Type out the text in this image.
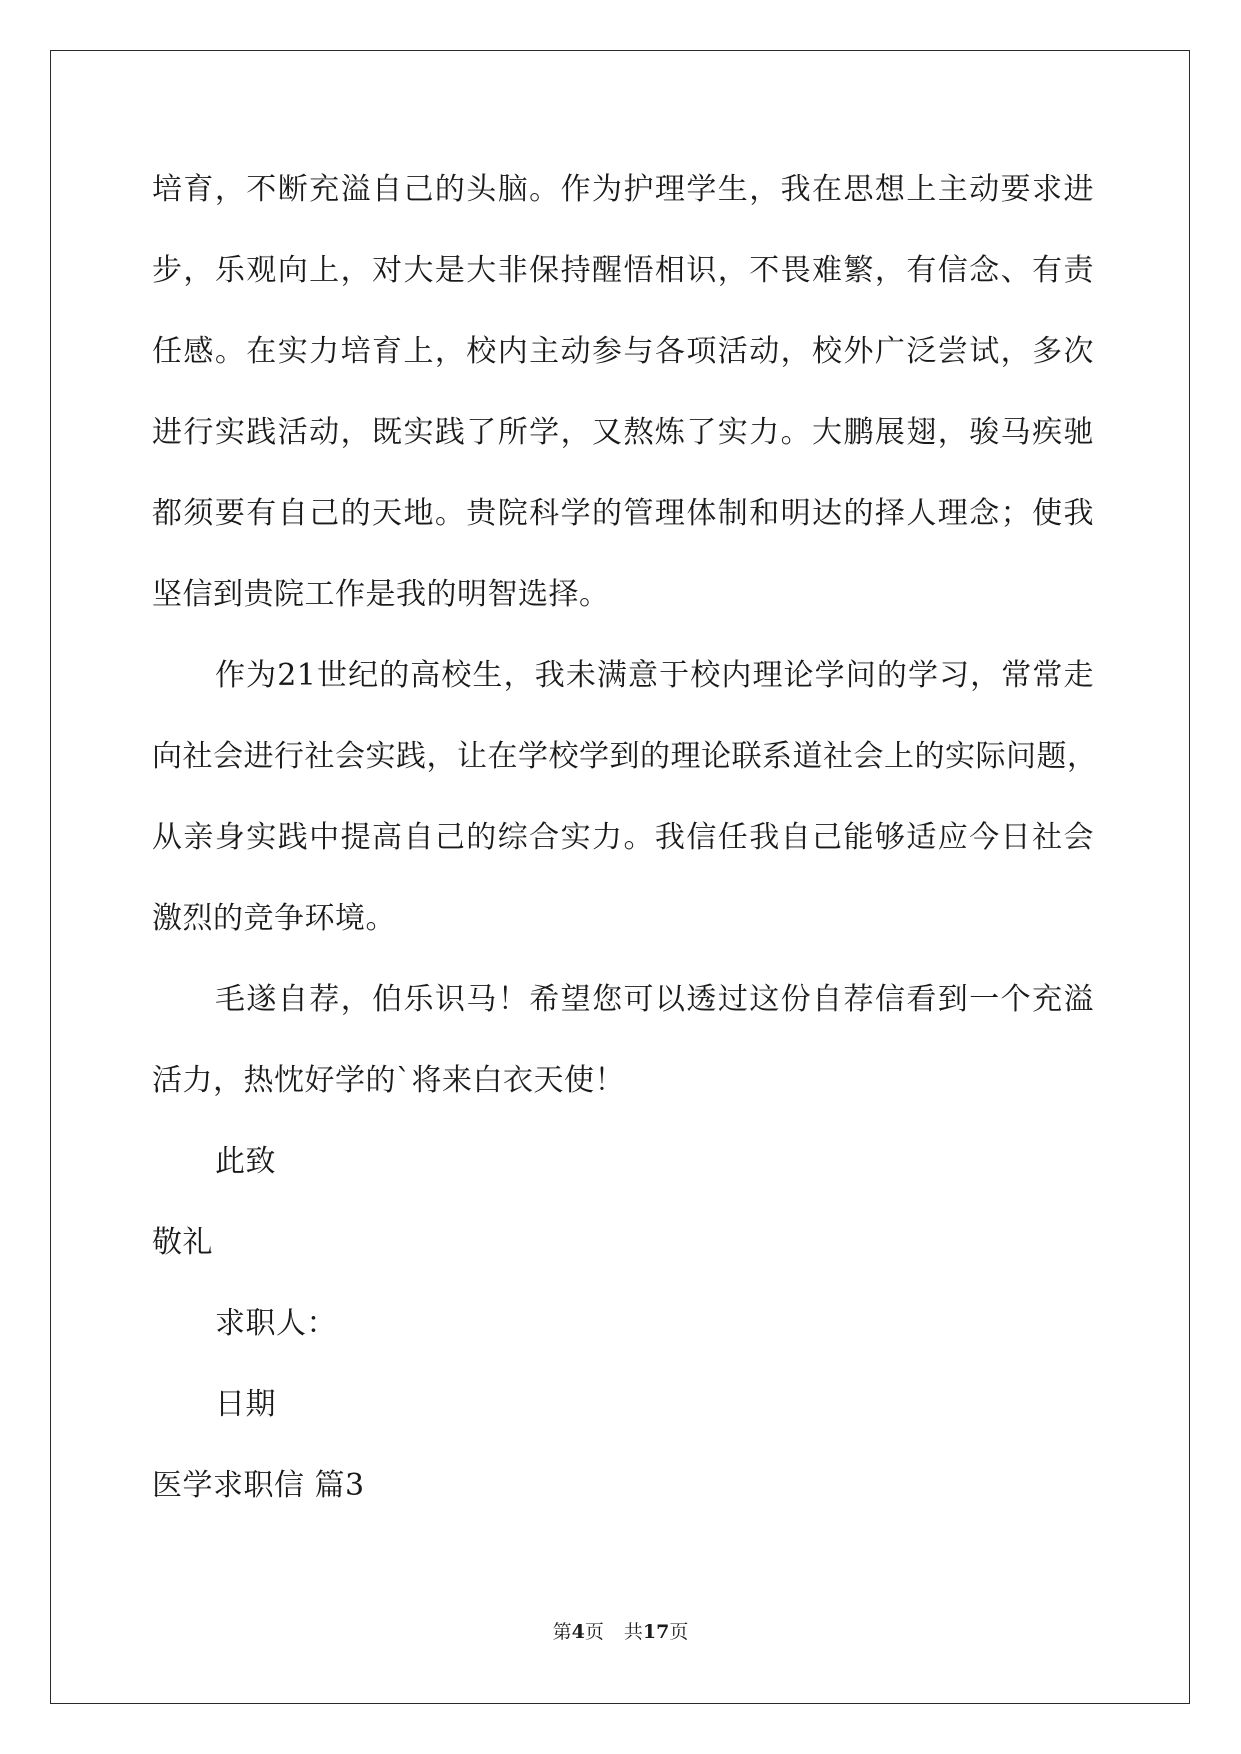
培育，不断充溢自己的头脑。作为护理学生，我在思想上主动要求进
步，乐观向上，对大是大非保持醒悟相识，不畏难繁，有信念、有责
任感。在实力培育上，校内主动参与各项活动，校外广泛尝试，多次
进行实践活动，既实践了所学，又熬炼了实力。大鹏展翅，骏马疾驰
都须要有自己的天地。贵院科学的管理体制和明达的择人理念；使我
坚信到贵院工作是我的明智选择。
作为21世纪的高校生，我未满意于校内理论学问的学习，常常走
向社会进行社会实践，让在学校学到的理论联系道社会上的实际问题，
从亲身实践中提高自己的综合实力。我信任我自己能够适应今日社会
激烈的竞争环境。
毛遂自荐，伯乐识马！希望您可以透过这份自荐信看到一个充溢
活力，热忱好学的`将来白衣天使！
此致
敬礼
求职人：
日期
医学求职信 篇3
第4页 共17页
